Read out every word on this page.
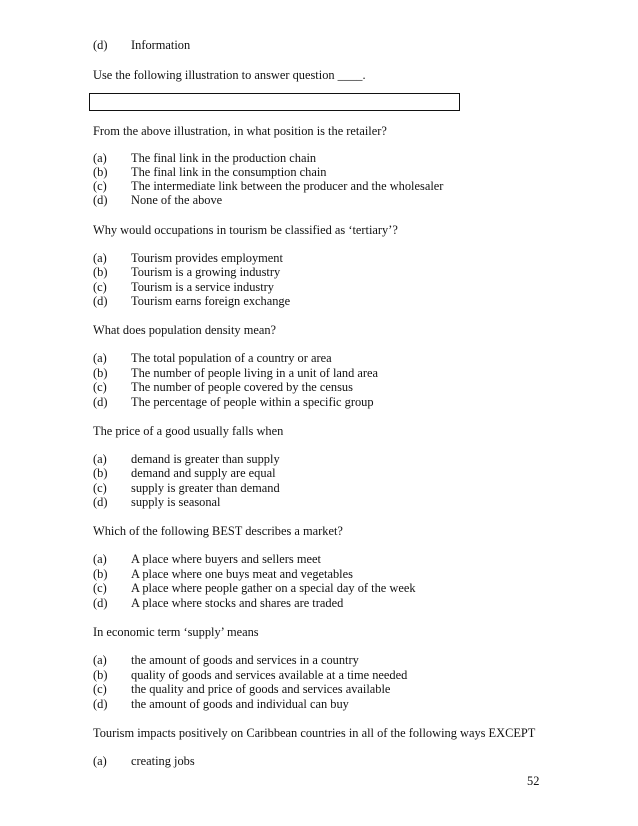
(d) Information
Use the following illustration to answer question ____.
From the above illustration, in what position is the retailer?
(a) The final link in the production chain
(b) The final link in the consumption chain
(c) The intermediate link between the producer and the wholesaler
(d) None of the above
Why would occupations in tourism be classified as ‘tertiary’?
(a) Tourism provides employment
(b) Tourism is a growing industry
(c) Tourism is a service industry
(d) Tourism earns foreign exchange
What does population density mean?
(a) The total population of a country or area
(b) The number of people living in a unit of land area
(c) The number of people covered by the census
(d) The percentage of people within a specific group
The price of a good usually falls when
(a) demand is greater than supply
(b) demand and supply are equal
(c) supply is greater than demand
(d) supply is seasonal
Which of the following BEST describes a market?
(a) A place where buyers and sellers meet
(b) A place where one buys meat and vegetables
(c) A place where people gather on a special day of the week
(d) A place where stocks and shares are traded
In economic term ‘supply’ means
(a) the amount of goods and services in a country
(b) quality of goods and services available at a time needed
(c) the quality and price of goods and services available
(d) the amount of goods and individual can buy
Tourism impacts positively on Caribbean countries in all of the following ways EXCEPT
(a) creating jobs
52
